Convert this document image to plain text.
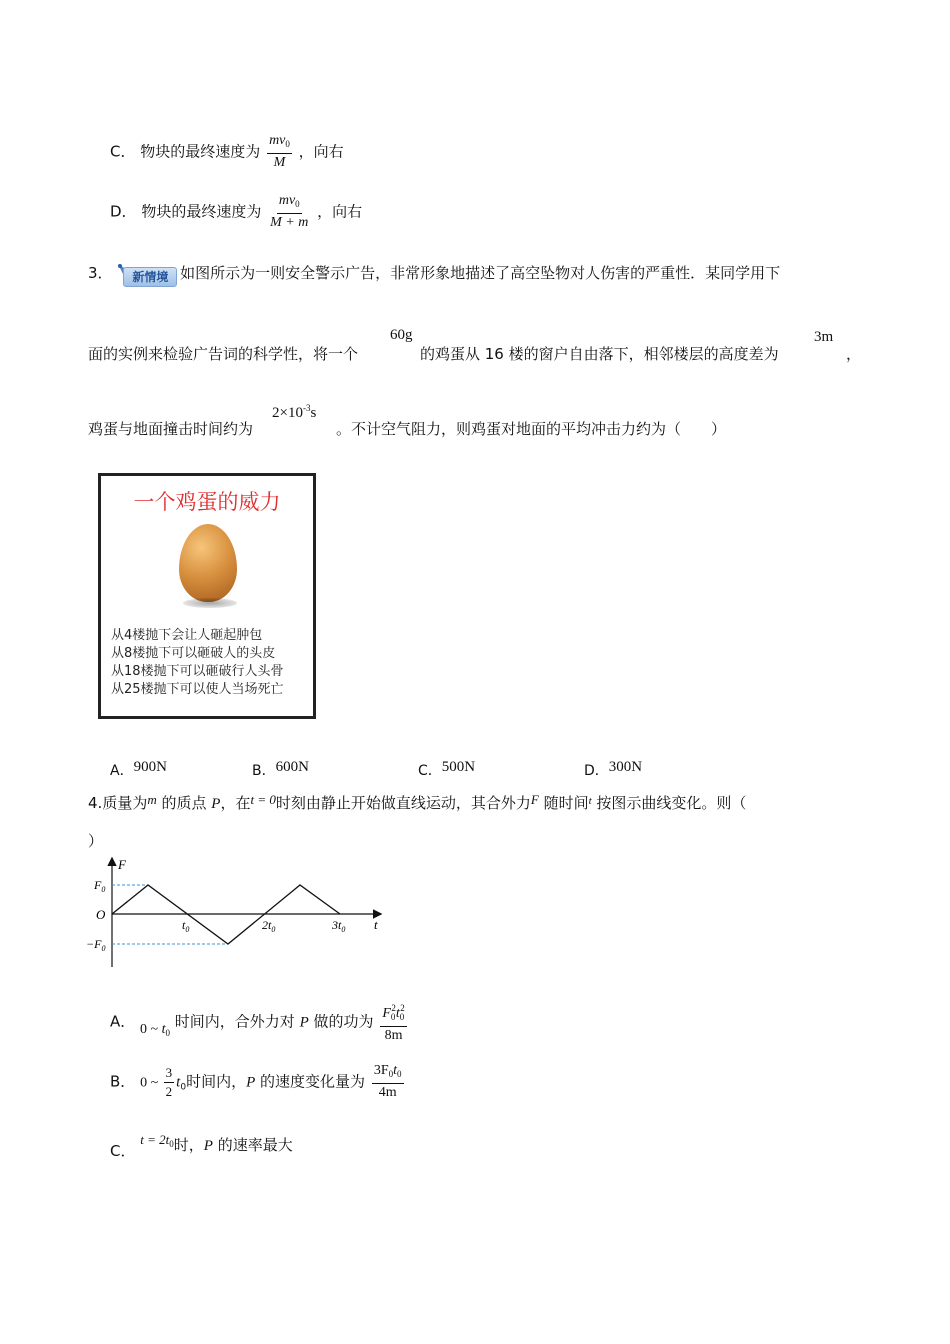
C． 物块的最终速度为 $\frac{mv_0}{M}$ ，向右
D． 物块的最终速度为 $\frac{mv_0}{M + m}$ ，向右
3．	新情境 如图所示为一则安全警示广告，非常形象地描述了高空坠物对人伤害的严重性．某同学用下
面的实例来检验广告词的科学性，将一个
60g
的鸡蛋从 16 楼的窗户自由落下，相邻楼层的高度差为
3m
，
鸡蛋与地面撞击时间约为
$2\times 10^{-3}s$
。不计空气阻力，则鸡蛋对地面的平均冲击力约为（　　）
一个鸡蛋的威力
从4楼抛下会让人砸起肿包
从8楼抛下可以砸破人的头皮
从18楼抛下可以砸破行人头骨
从25楼抛下可以使人当场死亡
A．900N	B．600N	C．500N	D．300N
4.质量为m 的质点 P，在t = 0时刻由静止开始做直线运动，其合外力F 随时间$^t$ 按图示曲线变化。则（
）
F
t
O
$F_0$
$-F_0$
$t_0$	$2t_0$	$3t_0$
A． 0 ~ $t_0$ 时间内，合外力对 P 做的功为 $\frac{F_0^2t_0^2}{8m}$
B． 0 ~ $\frac{3}{2} t_0$时间内，P 的速度变化量为 $\frac{3F_0t_0}{4m}$
C． $t = 2t_0$时，P 的速率最大
